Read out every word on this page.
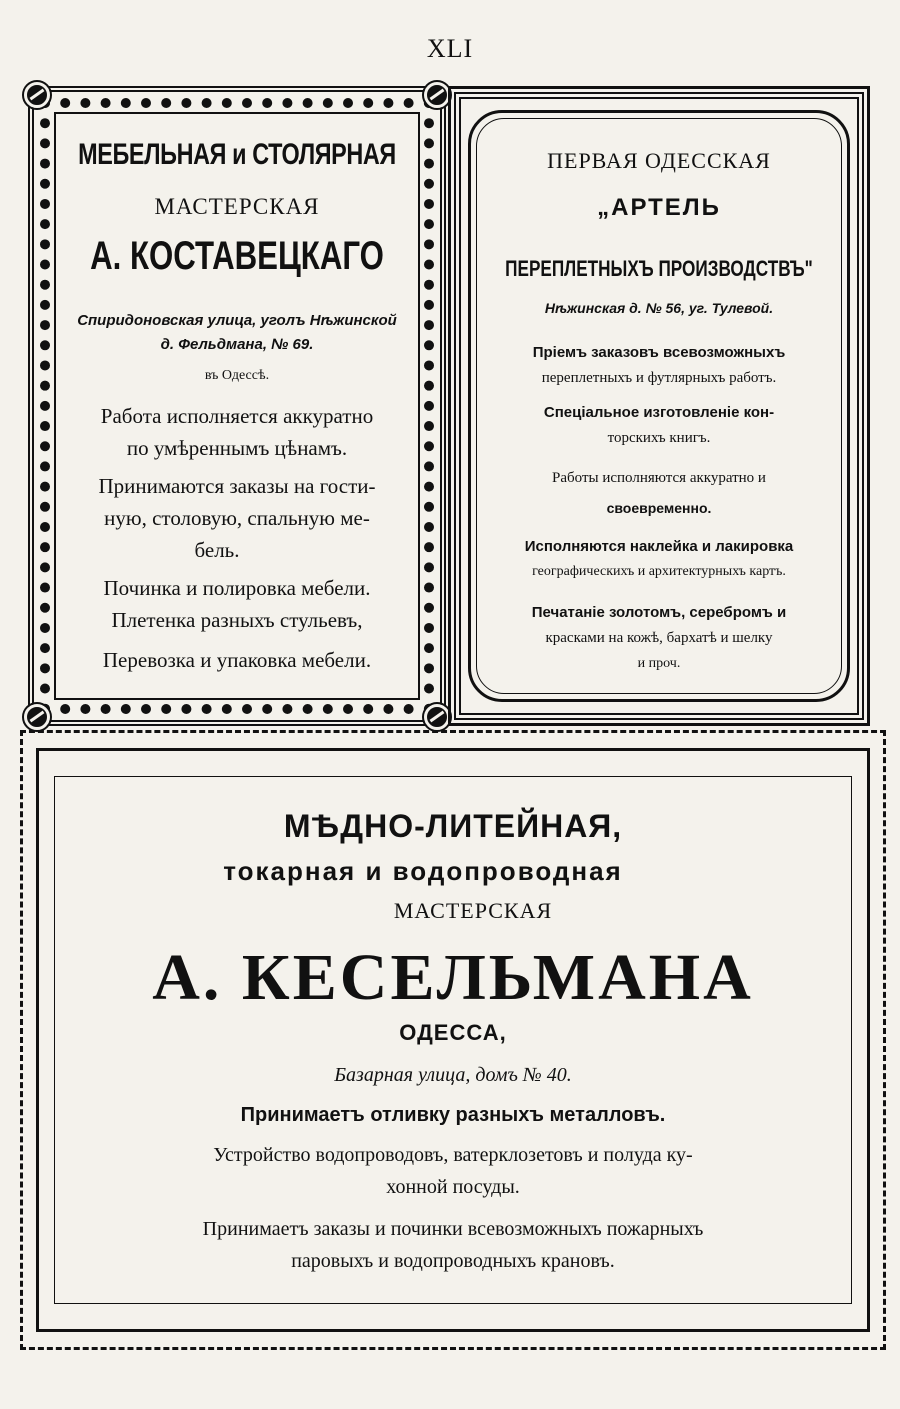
XLI
МЕБЕЛЬНАЯ и СТОЛЯРНАЯ
МАСТЕРСКАЯ
А. КОСТАВЕЦКАГО
Спиридоновская улица, уголъ Нѣжинской
д. Фельдмана, № 69.
въ Одессѣ.
Работа исполняется аккуратно
по умѣреннымъ цѣнамъ.
Принимаются заказы на гости-
ную, столовую, спальную ме-
бель.
Починка и полировка мебели.
Плетенка разныхъ стульевъ,
Перевозка и упаковка мебели.
ПЕРВАЯ ОДЕССКАЯ
„АРТЕЛЬ
ПЕРЕПЛЕТНЫХЪ ПРОИЗВОДСТВЪ"
Нѣжинская д. № 56, уг. Тулевой.
Пріемъ заказовъ всевозможныхъ
переплетныхъ и футлярныхъ работъ.
Спеціальное изготовленіе кон-
торскихъ книгъ.
Работы исполняются аккуратно и
своевременно.
Исполняются наклейка и лакировка
географическихъ и архитектурныхъ картъ.
Печатаніе золотомъ, серебромъ и
красками на кожѣ, бархатѣ и шелку
и проч.
МѢДНО-ЛИТЕЙНАЯ,
токарная и водопроводная
МАСТЕРСКАЯ
А. КЕСЕЛЬМАНА
ОДЕССА,
Базарная улица, домъ № 40.
Принимаетъ отливку разныхъ металловъ.
Устройство водопроводовъ, ватерклозетовъ и полуда ку-
хонной посуды.
Принимаетъ заказы и починки всевозможныхъ пожарныхъ
паровыхъ и водопроводныхъ крановъ.
